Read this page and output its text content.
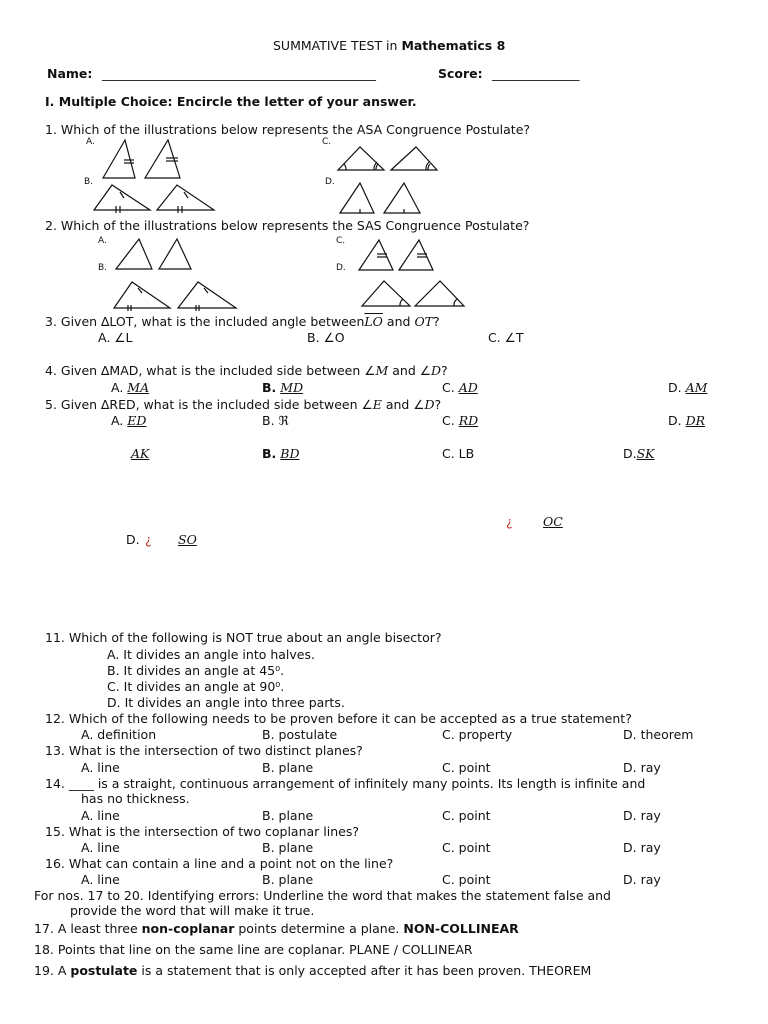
SUMMATIVE TEST in Mathematics 8
Name: ______________________________________________	Score: ______________
I. Multiple Choice: Encircle the letter of your answer.
1. Which of the illustrations below represents the ASA Congruence Postulate?
A.
B.
C.
D.
2. Which of the illustrations below represents the SAS Congruence Postulate?
A.
B.
C.
D.
3. Given ∆LOT, what is the included angle $between\overline{LO}$ and OT?
A. ∠L	B. ∠O	C. ∠T
4. Given ∆MAD, what is the included side between ∠M and ∠D?
A. MA	B. MD	C. AD	D. AM
5. Given ∆RED, what is the included side between ∠E and ∠D?
A. ED	B. ℜ	C. RD	D. DR
AK	B. BD	C. LB	D.SK
¿ OC
D. ¿ SO
11. Which of the following is NOT true about an angle bisector?
A. It divides an angle into halves.
B. It divides an angle at 45⁰.
C. It divides an angle at 90⁰.
D. It divides an angle into three parts.
12. Which of the following needs to be proven before it can be accepted as a true statement?
A. definition	B. postulate	C. property	D. theorem
13. What is the intersection of two distinct planes?
A. line	B. plane	C. point	D. ray
14. ____ is a straight, continuous arrangement of infinitely many points. Its length is infinite and
has no thickness.
A. line	B. plane	C. point	D. ray
15. What is the intersection of two coplanar lines?
A. line	B. plane	C. point	D. ray
16. What can contain a line and a point not on the line?
A. line	B. plane	C. point	D. ray
For nos. 17 to 20. Identifying errors: Underline the word that makes the statement false and
provide the word that will make it true.
17. A least three non-coplanar points determine a plane. NON-COLLINEAR
18. Points that line on the same line are coplanar. PLANE / COLLINEAR
19. A postulate is a statement that is only accepted after it has been proven. THEOREM
